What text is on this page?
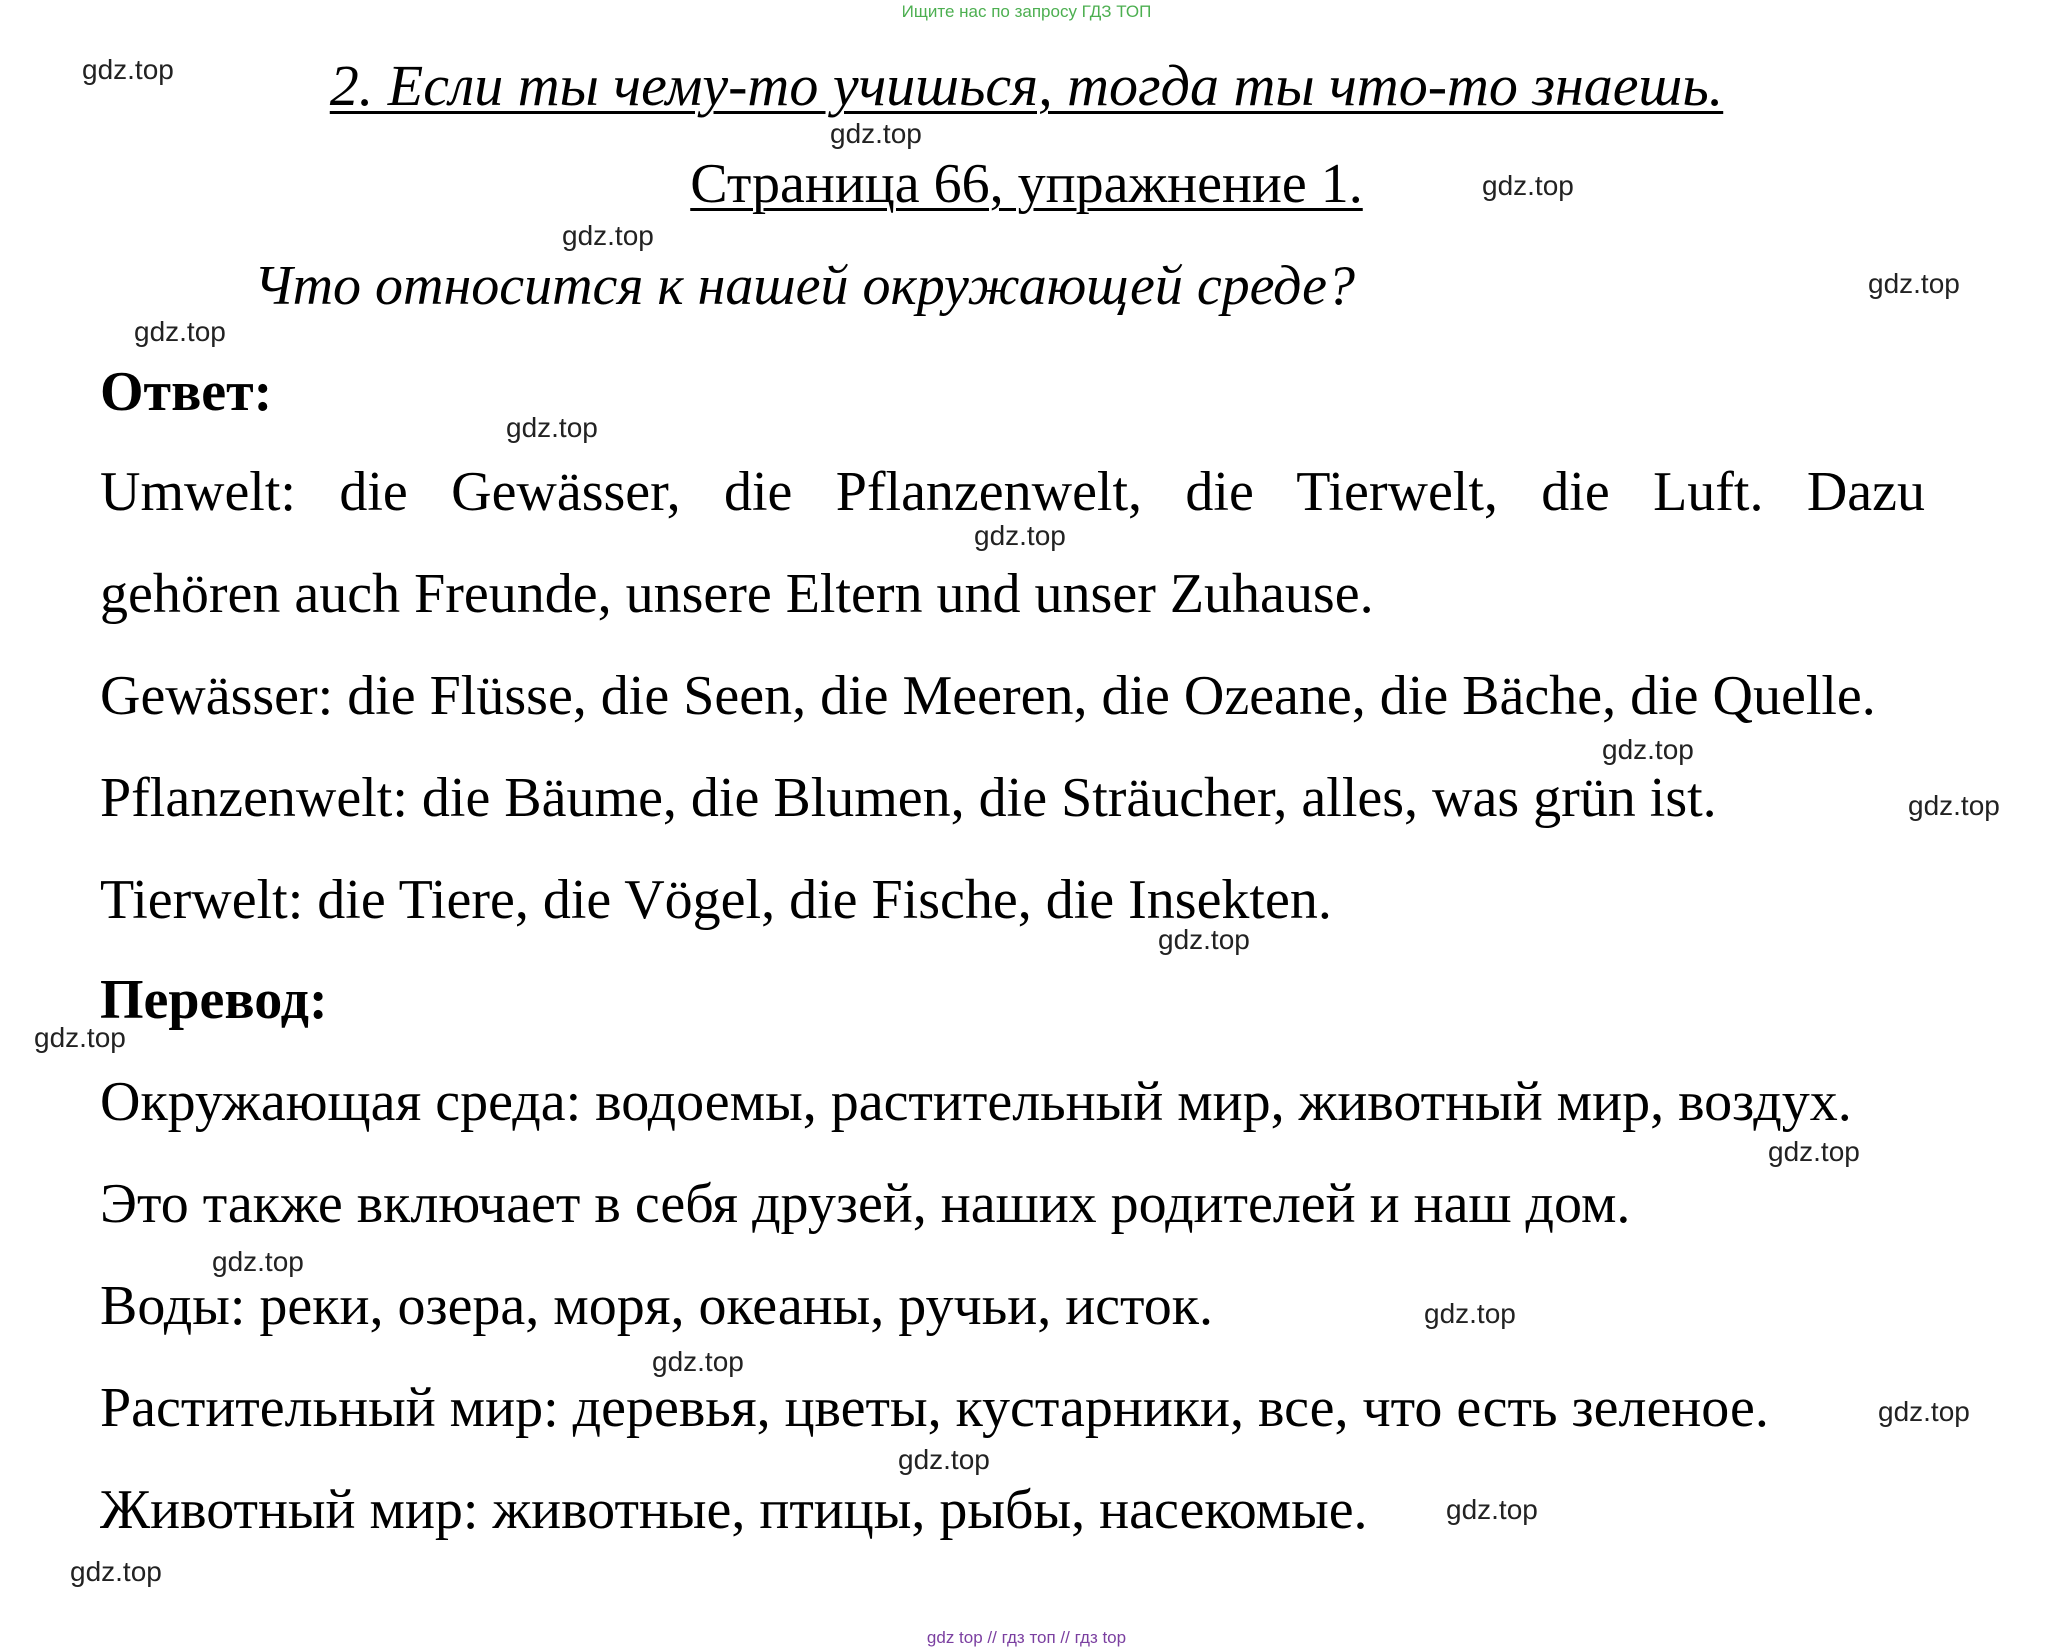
Ищите нас по запросу ГДЗ ТОП
2. Если ты чему-то учишься, тогда ты что-то знаешь.
Страница 66, упражнение 1.
Что относится к нашей окружающей среде?
Ответ:
Umwelt: die Gewässer, die Pflanzenwelt, die Tierwelt, die Luft. Dazu
gehören auch Freunde, unsere Eltern und unser Zuhause.
Gewässer: die Flüsse, die Seen, die Meeren, die Ozeane, die Bäche, die Quelle.
Pflanzenwelt: die Bäume, die Blumen, die Sträucher, alles, was grün ist.
Tierwelt: die Tiere, die Vögel, die Fische, die Insekten.
Перевод:
Окружающая среда: водоемы, растительный мир, животный мир, воздух.
Это также включает в себя друзей, наших родителей и наш дом.
Воды: реки, озера, моря, океаны, ручьи, исток.
Растительный мир: деревья, цветы, кустарники, все, что есть зеленое.
Животный мир: животные, птицы, рыбы, насекомые.
gdz.top
gdz.top
gdz.top
gdz.top
gdz.top
gdz.top
gdz.top
gdz.top
gdz.top
gdz.top
gdz.top
gdz.top
gdz.top
gdz.top
gdz.top
gdz.top
gdz.top
gdz.top
gdz.top
gdz.top
gdz top // гдз топ // гдз top
